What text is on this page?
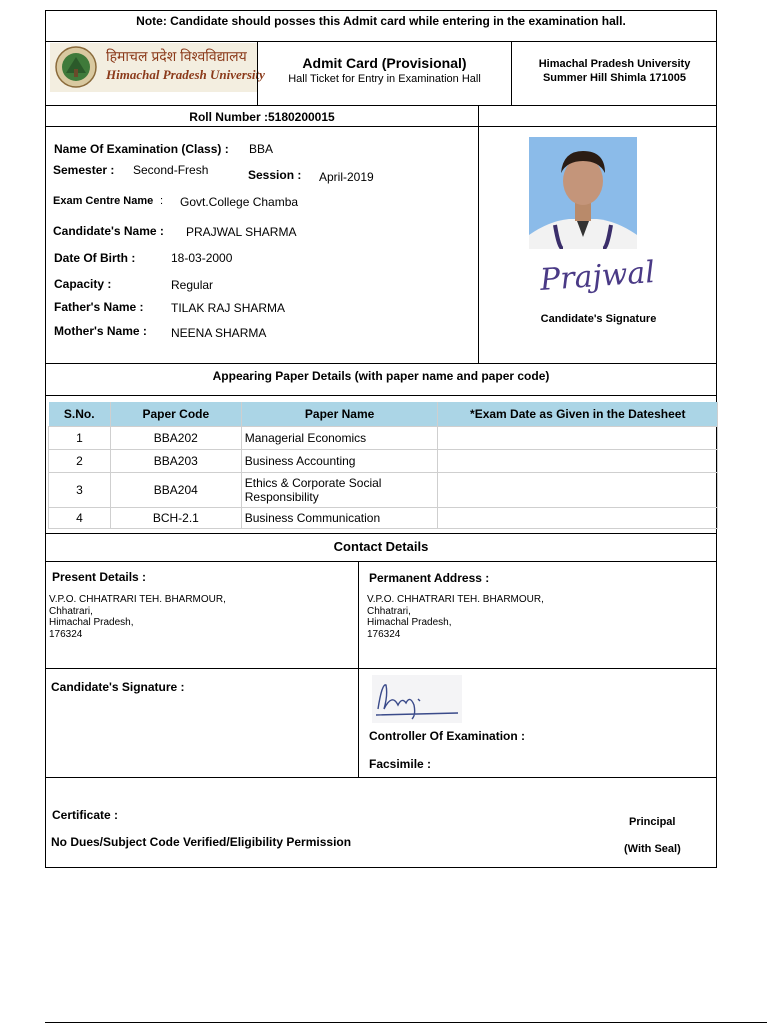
Note: Candidate should posses this Admit card while entering in the examination hall.
हिमाचल प्रदेश विश्वविद्यालय
Himachal Pradesh University
Admit Card (Provisional)
Hall Ticket for Entry in Examination Hall
Himachal Pradesh University
Summer Hill Shimla 171005
Roll Number :5180200015
Name Of Examination (Class) : BBA
Semester : Second-Fresh	Session : April-2019
Exam Centre Name : Govt.College Chamba
Candidate's Name : PRAJWAL SHARMA
Date Of Birth :	18-03-2000
Capacity :	Regular
Father's Name : TILAK RAJ SHARMA
Mother's Name : NEENA SHARMA
Prajwal
Candidate's Signature
Appearing Paper Details (with paper name and paper code)
S.No.	Paper Code	Paper Name	*Exam Date as Given in the Datesheet
1	BBA202	Managerial Economics	
2	BBA203	Business Accounting	
3	BBA204	Ethics & Corporate Social Responsibility	
4	BCH-2.1	Business Communication	
Contact Details
Present Details :
V.P.O. CHHATRARI TEH. BHARMOUR,
Chhatrari,
Himachal Pradesh,
176324
Permanent Address :
V.P.O. CHHATRARI TEH. BHARMOUR,
Chhatrari,
Himachal Pradesh,
176324
Candidate's Signature :
Controller Of Examination :
Facsimile :
Certificate :
No Dues/Subject Code Verified/Eligibility Permission
Principal
(With Seal)
